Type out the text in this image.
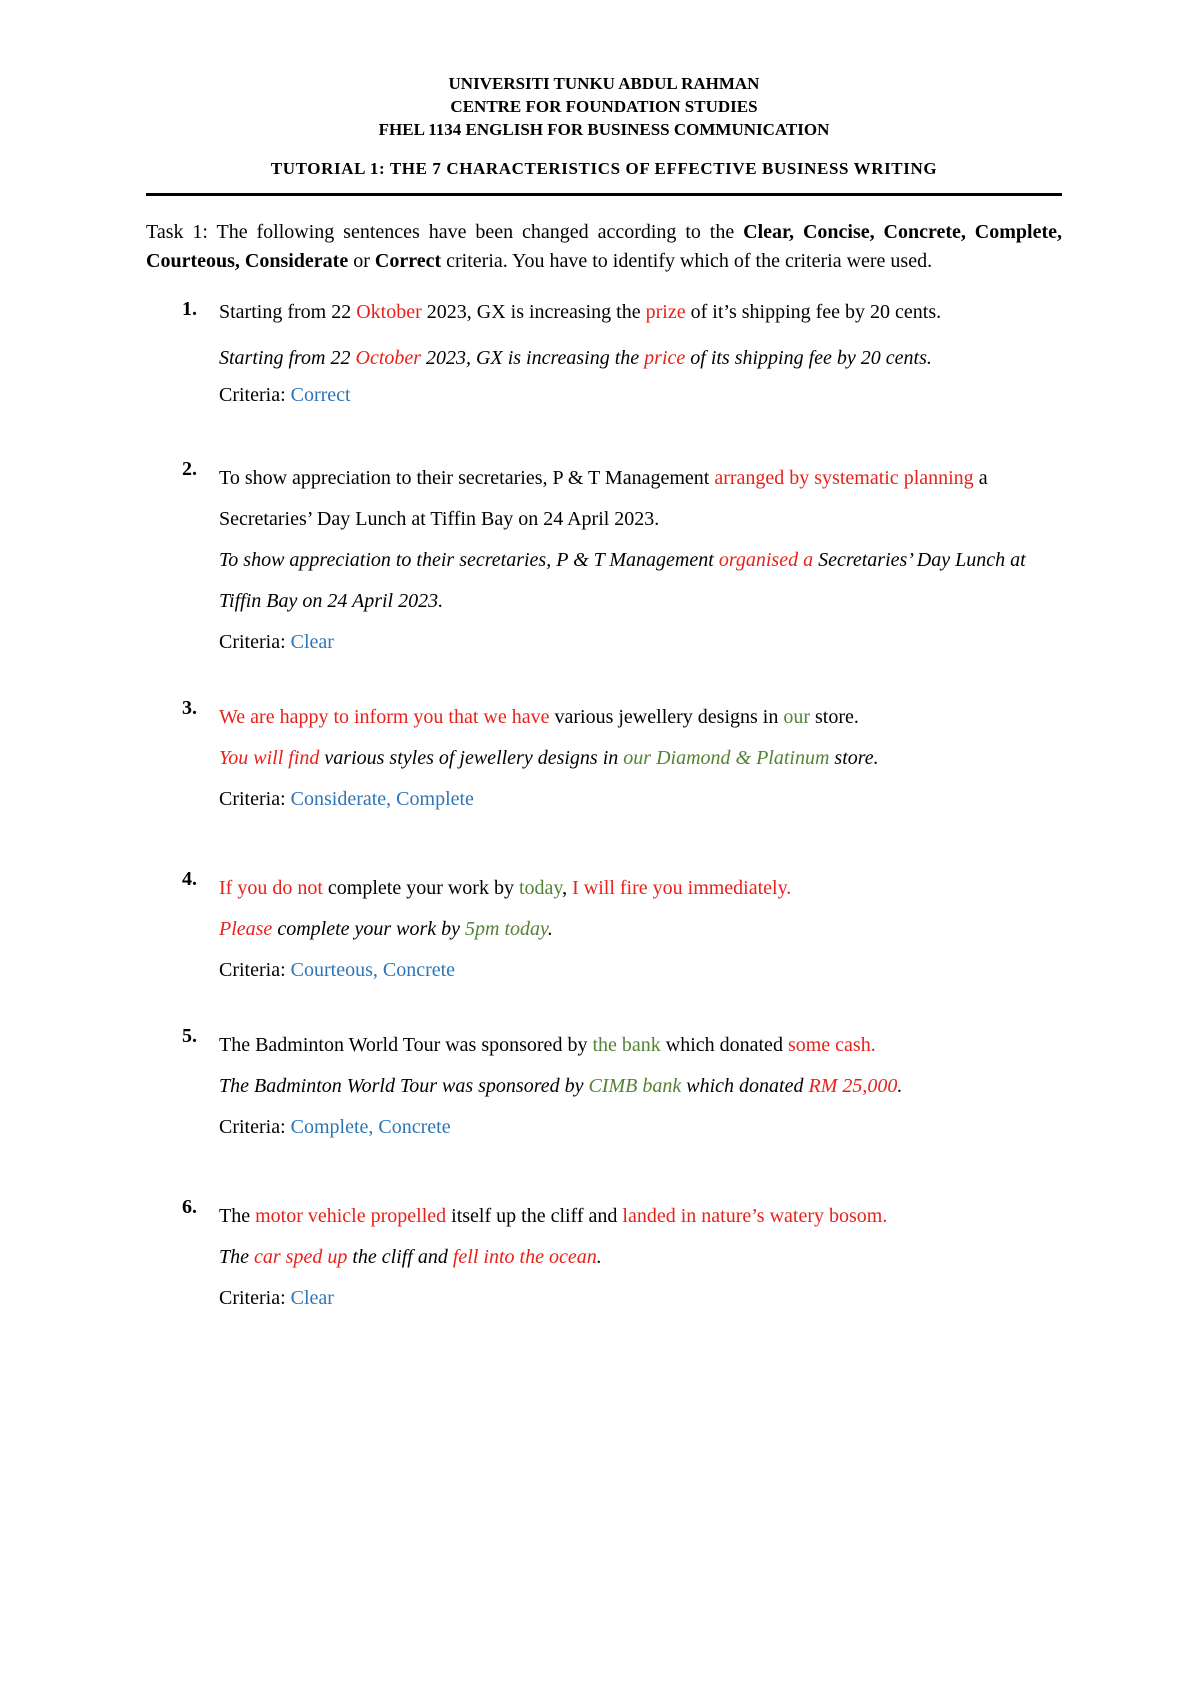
UNIVERSITI TUNKU ABDUL RAHMAN

CENTRE FOR FOUNDATION STUDIES

FHEL 1134 ENGLISH FOR BUSINESS COMMUNICATION

TUTORIAL 1: THE 7 CHARACTERISTICS OF EFFECTIVE BUSINESS WRITING

Task 1: The following sentences have been changed according to the Clear, Concise, Concrete, Complete, Courteous, Considerate or Correct criteria. You have to identify which of the criteria were used.

1. Starting from 22 Oktober 2023, GX is increasing the prize of it’s shipping fee by 20 cents.

Starting from 22 October 2023, GX is increasing the price of its shipping fee by 20 cents.

Criteria: Correct

2. To show appreciation to their secretaries, P & T Management arranged by systematic planning a Secretaries’ Day Lunch at Tiffin Bay on 24 April 2023.

To show appreciation to their secretaries, P & T Management organised a Secretaries’ Day Lunch at Tiffin Bay on 24 April 2023.

Criteria: Clear

3. We are happy to inform you that we have various jewellery designs in our store.

You will find various styles of jewellery designs in our Diamond & Platinum store.

Criteria: Considerate, Complete

4. If you do not complete your work by today, I will fire you immediately.

Please complete your work by 5pm today.

Criteria: Courteous, Concrete

5. The Badminton World Tour was sponsored by the bank which donated some cash.

The Badminton World Tour was sponsored by CIMB bank which donated RM 25,000.

Criteria: Complete, Concrete

6. The motor vehicle propelled itself up the cliff and landed in nature’s watery bosom.

The car sped up the cliff and fell into the ocean.

Criteria: Clear
